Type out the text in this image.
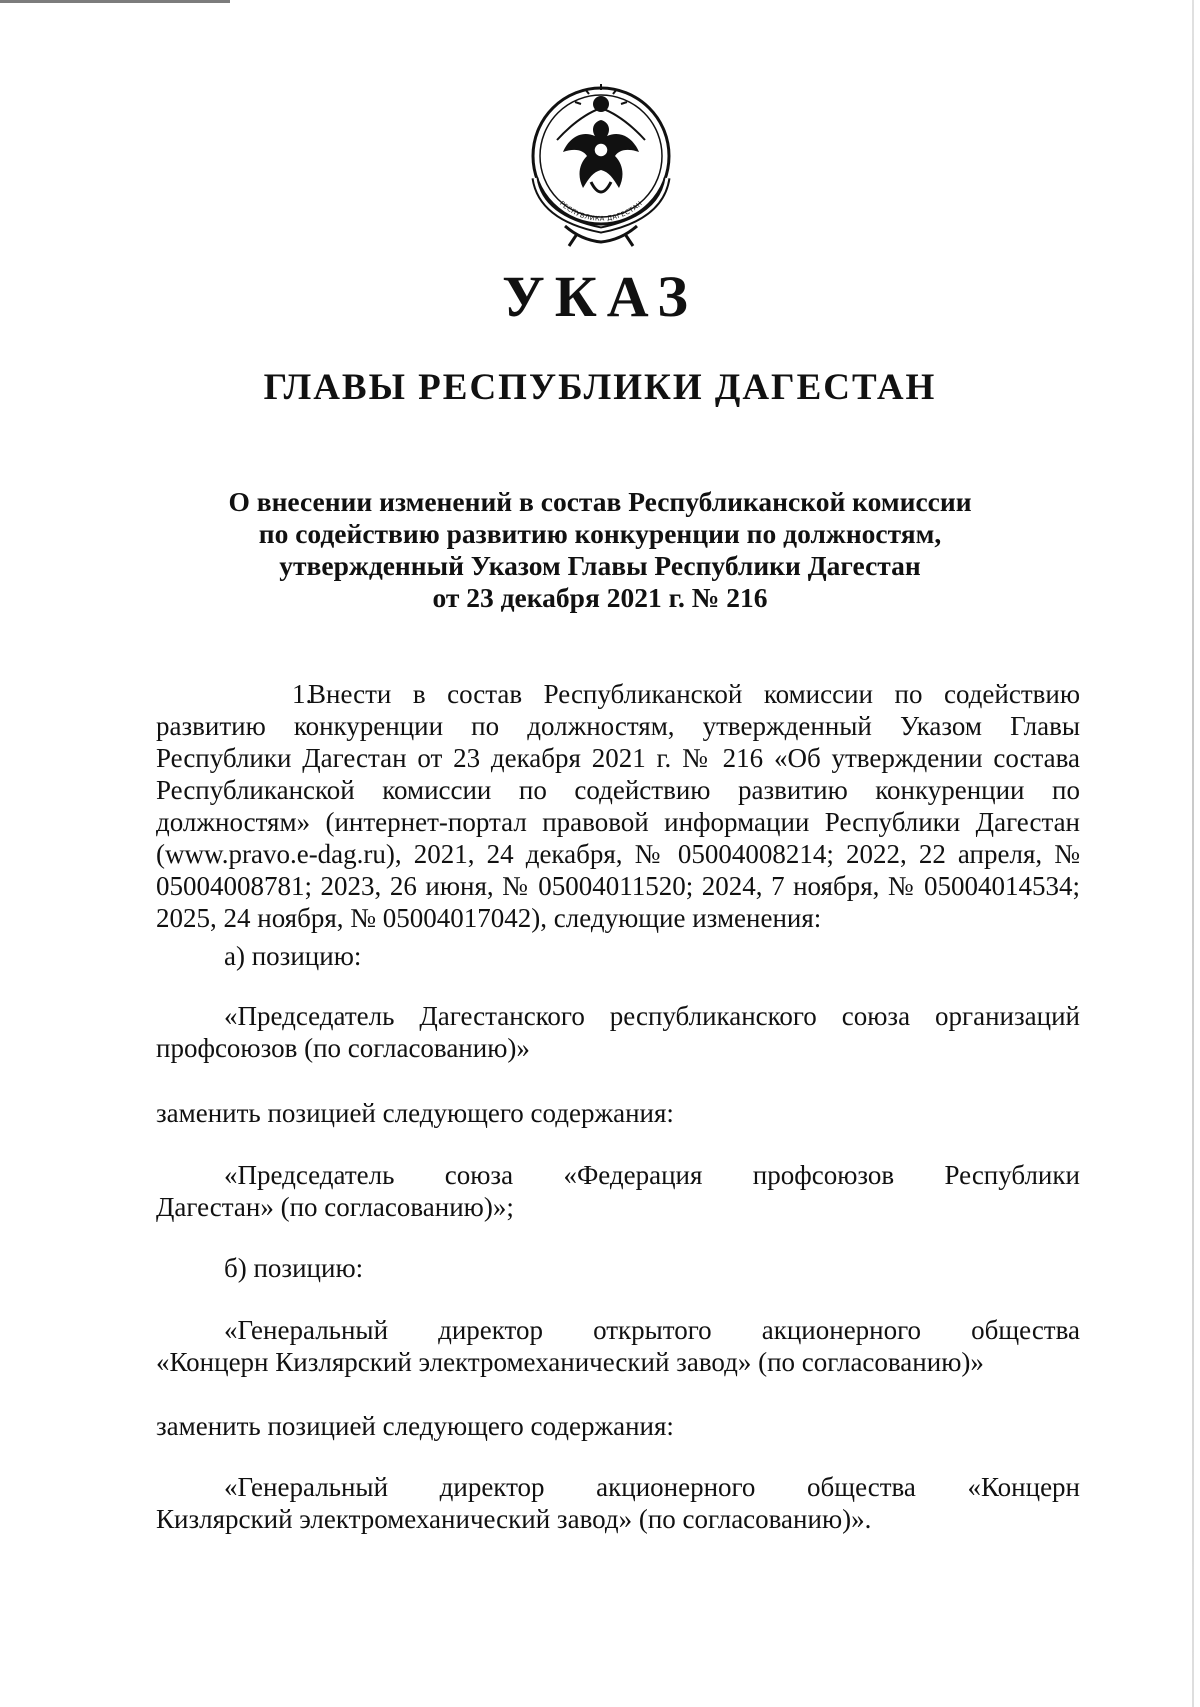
РЕСПУБЛИКА ДАГЕСТАН
УКАЗ
ГЛАВЫ РЕСПУБЛИКИ ДАГЕСТАН
О внесении изменений в состав Республиканской комиссии
по содействию развитию конкуренции по должностям,
утвержденный Указом Главы Республики Дагестан
от 23 декабря 2021 г. № 216
1.Внести в состав Республиканской комиссии по содействию развитию конкуренции по должностям, утвержденный Указом Главы Республики Дагестан от 23 декабря 2021 г. № 216 «Об утверждении состава Республиканской комиссии по содействию развитию конкуренции по должностям» (интернет-портал правовой информации Республики Дагестан (www.pravo.e-dag.ru), 2021, 24 декабря, № 05004008214; 2022, 22 апреля, № 05004008781; 2023, 26 июня, № 05004011520; 2024, 7 ноября, № 05004014534; 2025, 24 ноября, № 05004017042), следующие изменения:
а) позицию:
«Председатель Дагестанского республиканского союза организаций профсоюзов (по согласованию)»
заменить позицией следующего содержания:
«Председатель союза «Федерация профсоюзов Республики
Дагестан» (по согласованию)»;
б) позицию:
«Генеральный директор открытого акционерного общества
«Концерн Кизлярский электромеханический завод» (по согласованию)»
заменить позицией следующего содержания:
«Генеральный директор акционерного общества «Концерн
Кизлярский электромеханический завод» (по согласованию)».
